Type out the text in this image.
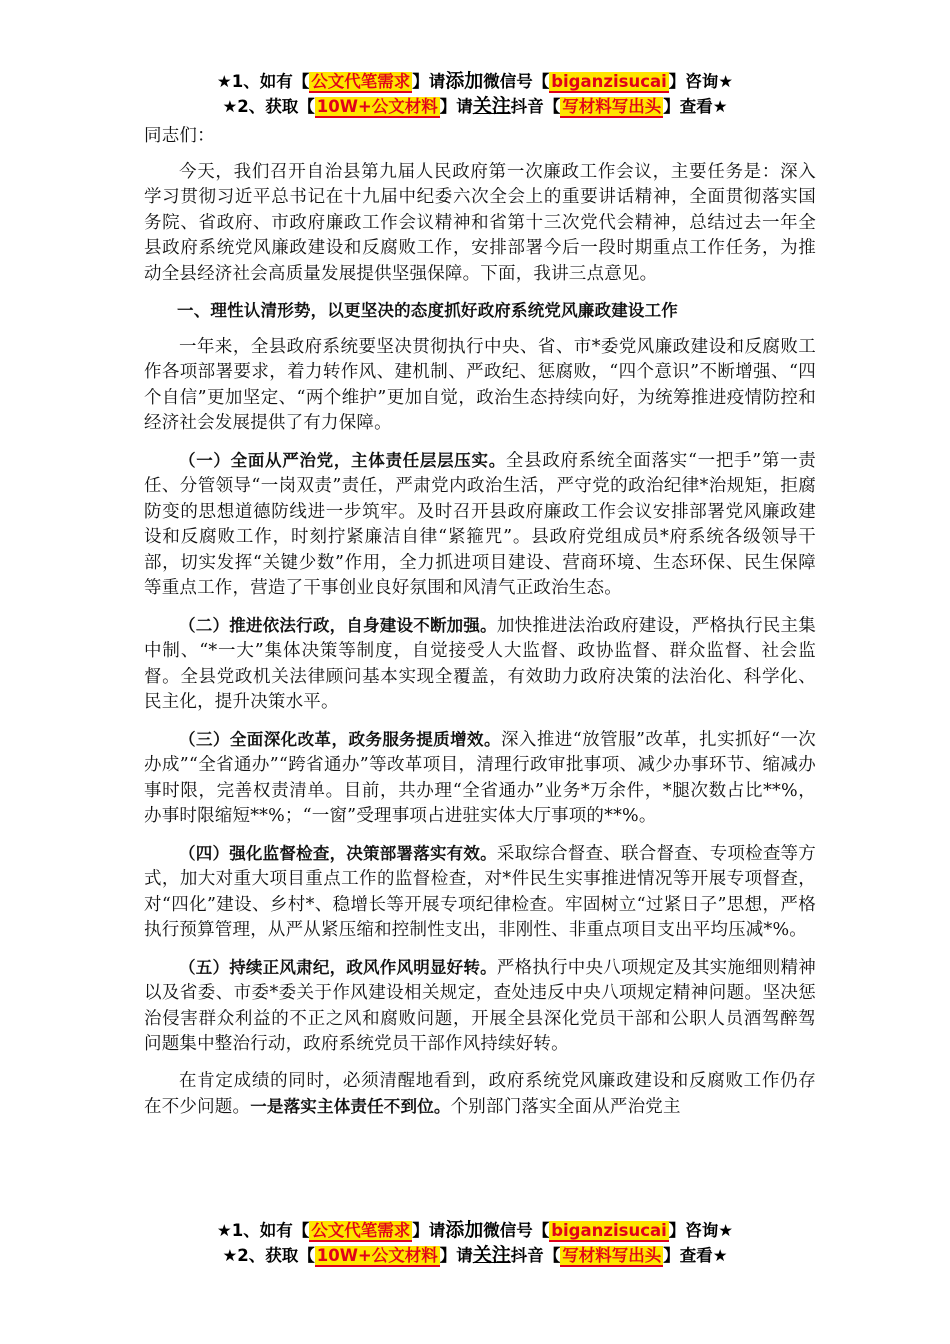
★1、如有【 公文代笔需求 】请添加微信号【 biganzisucai 】咨询★
★2、获取【 10W+公文材料 】请关注抖音【 写材料写出头 】查看★

同志们：

今天，我们召开自治县第九届人民政府第一次廉政工作会议，主要任务是：深入学习贯彻习近平总书记在十九届中纪委六次全会上的重要讲话精神，全面贯彻落实国务院、省政府、市政府廉政工作会议精神和省第十三次党代会精神，总结过去一年全县政府系统党风廉政建设和反腐败工作，安排部署今后一段时期重点工作任务，为推动全县经济社会高质量发展提供坚强保障。下面，我讲三点意见。

一、理性认清形势，以更坚决的态度抓好政府系统党风廉政建设工作

一年来，全县政府系统要坚决贯彻执行中央、省、市*委党风廉政建设和反腐败工作各项部署要求，着力转作风、建机制、严政纪、惩腐败，“四个意识”不断增强、“四个自信”更加坚定、“两个维护”更加自觉，政治生态持续向好，为统筹推进疫情防控和经济社会发展提供了有力保障。

（一）全面从严治党，主体责任层层压实。全县政府系统全面落实“一把手”第一责任、分管领导“一岗双责”责任，严肃党内政治生活，严守党的政治纪律*治规矩，拒腐防变的思想道德防线进一步筑牢。及时召开县政府廉政工作会议安排部署党风廉政建设和反腐败工作，时刻拧紧廉洁自律“紧箍咒”。县政府党组成员*府系统各级领导干部，切实发挥“关键少数”作用，全力抓进项目建设、营商环境、生态环保、民生保障等重点工作，营造了干事创业良好氛围和风清气正政治生态。

（二）推进依法行政，自身建设不断加强。加快推进法治政府建设，严格执行民主集中制、“*一大”集体决策等制度，自觉接受人大监督、政协监督、群众监督、社会监督。全县党政机关法律顾问基本实现全覆盖，有效助力政府决策的法治化、科学化、民主化，提升决策水平。

（三）全面深化改革，政务服务提质增效。深入推进“放管服”改革，扎实抓好“一次办成”“全省通办”“跨省通办”等改革项目，清理行政审批事项、减少办事环节、缩减办事时限，完善权责清单。目前，共办理“全省通办”业务*万余件，*腿次数占比**%，办事时限缩短**%；“一窗”受理事项占进驻实体大厅事项的**%。

（四）强化监督检查，决策部署落实有效。采取综合督查、联合督查、专项检查等方式，加大对重大项目重点工作的监督检查，对*件民生实事推进情况等开展专项督查，对“四化”建设、乡村*、稳增长等开展专项纪律检查。牢固树立“过紧日子”思想，严格执行预算管理，从严从紧压缩和控制性支出，非刚性、非重点项目支出平均压减*%。

（五）持续正风肃纪，政风作风明显好转。严格执行中央八项规定及其实施细则精神以及省委、市委*委关于作风建设相关规定，查处违反中央八项规定精神问题。坚决惩治侵害群众利益的不正之风和腐败问题，开展全县深化党员干部和公职人员酒驾醉驾问题集中整治行动，政府系统党员干部作风持续好转。

在肯定成绩的同时，必须清醒地看到，政府系统党风廉政建设和反腐败工作仍存在不少问题。一是落实主体责任不到位。个别部门落实全面从严治党主

★1、如有【 公文代笔需求 】请添加微信号【 biganzisucai 】咨询★
★2、获取【 10W+公文材料 】请关注抖音【 写材料写出头 】查看★
